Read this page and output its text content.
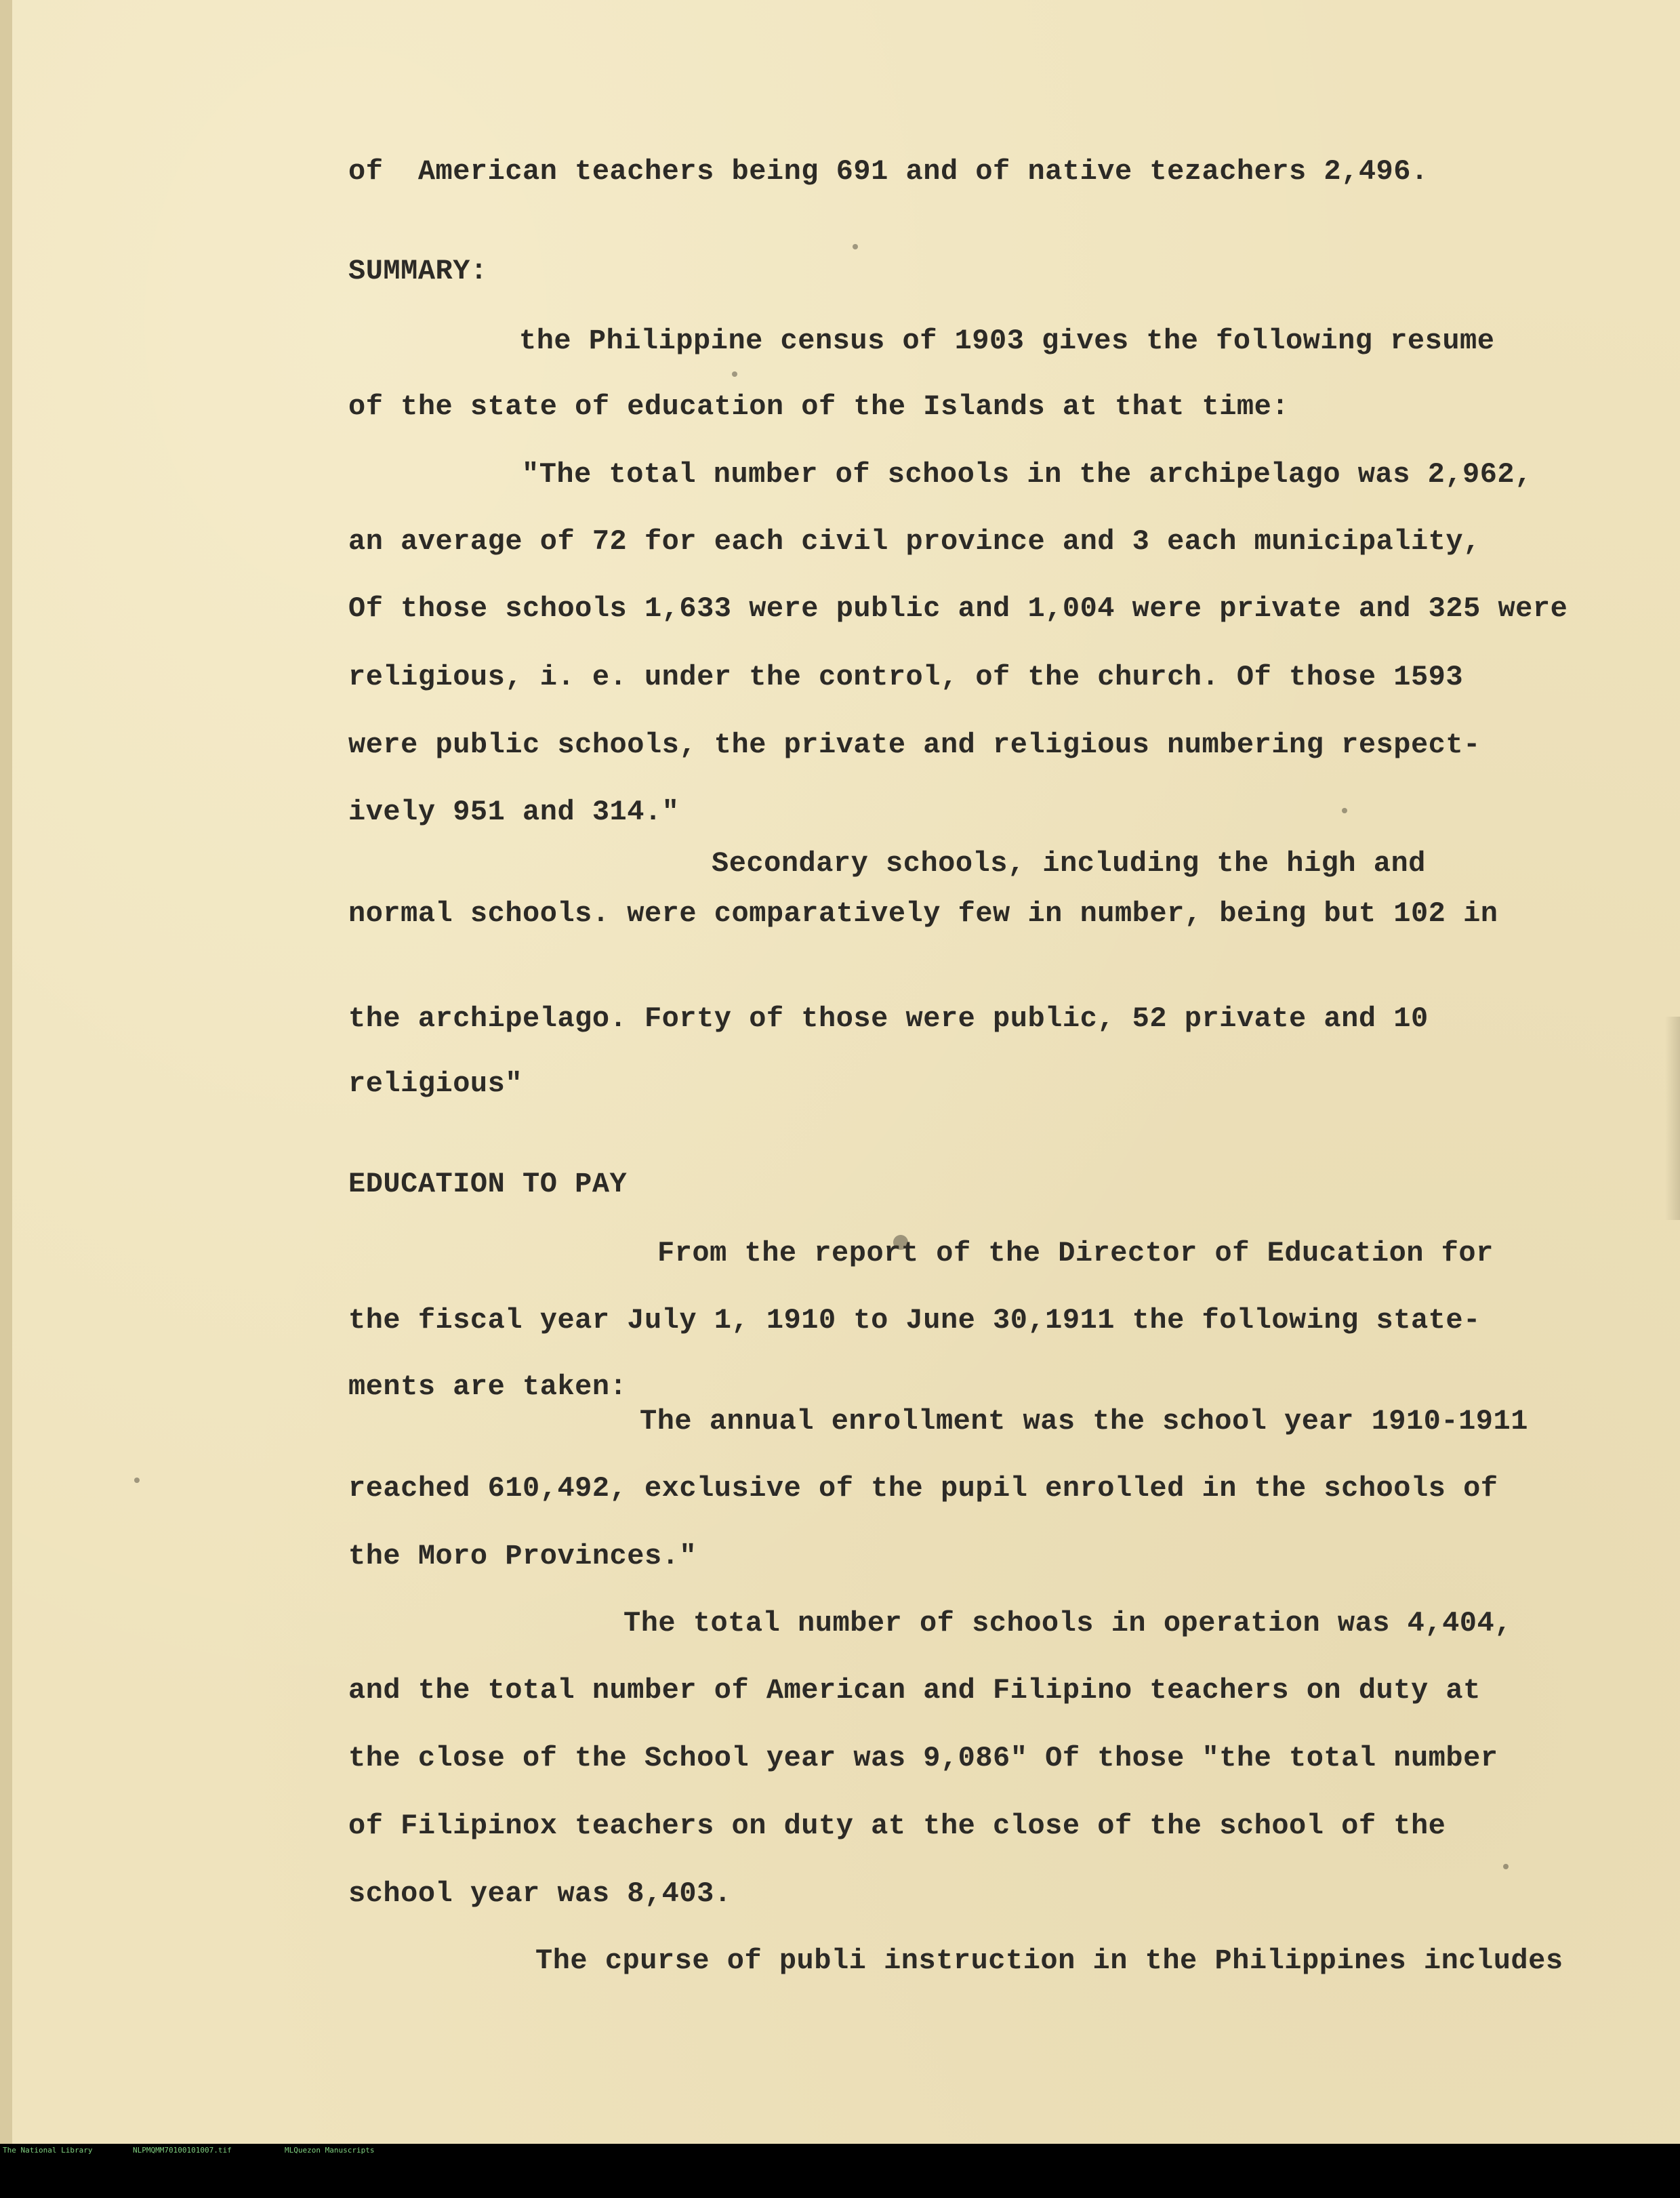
of  American teachers being 691 and of native tezachers 2,496.

SUMMARY:

the Philippine census of 1903 gives the following resume

of the state of education of the Islands at that time:

"The total number of schools in the archipelago was 2,962,

an average of 72 for each civil province and 3 each municipality,

Of those schools 1,633 were public and 1,004 were private and 325 were

religious, i. e. under the control, of the church. Of those 1593

were public schools, the private and religious numbering respect-

ively 951 and 314."

Secondary schools, including the high and

normal schools. were comparatively few in number, being but 102 in

the archipelago. Forty of those were public, 52 private and 10

religious"

EDUCATION TO PAY

From the report of the Director of Education for

the fiscal year July 1, 1910 to June 30,1911 the following state-

ments are taken:

The annual enrollment was the school year 1910-1911

reached 610,492, exclusive of the pupil enrolled in the schools of

the Moro Provinces."

The total number of schools in operation was 4,404,

and the total number of American and Filipino teachers on duty at

the close of the School year was 9,086" Of those "the total number

of Filipinox teachers on duty at the close of the school of the

school year was 8,403.

The cpurse of publi instruction in the Philippines includes

The National Library

	NLPMQMM70100101007.tif

	MLQuezon Manuscripts
